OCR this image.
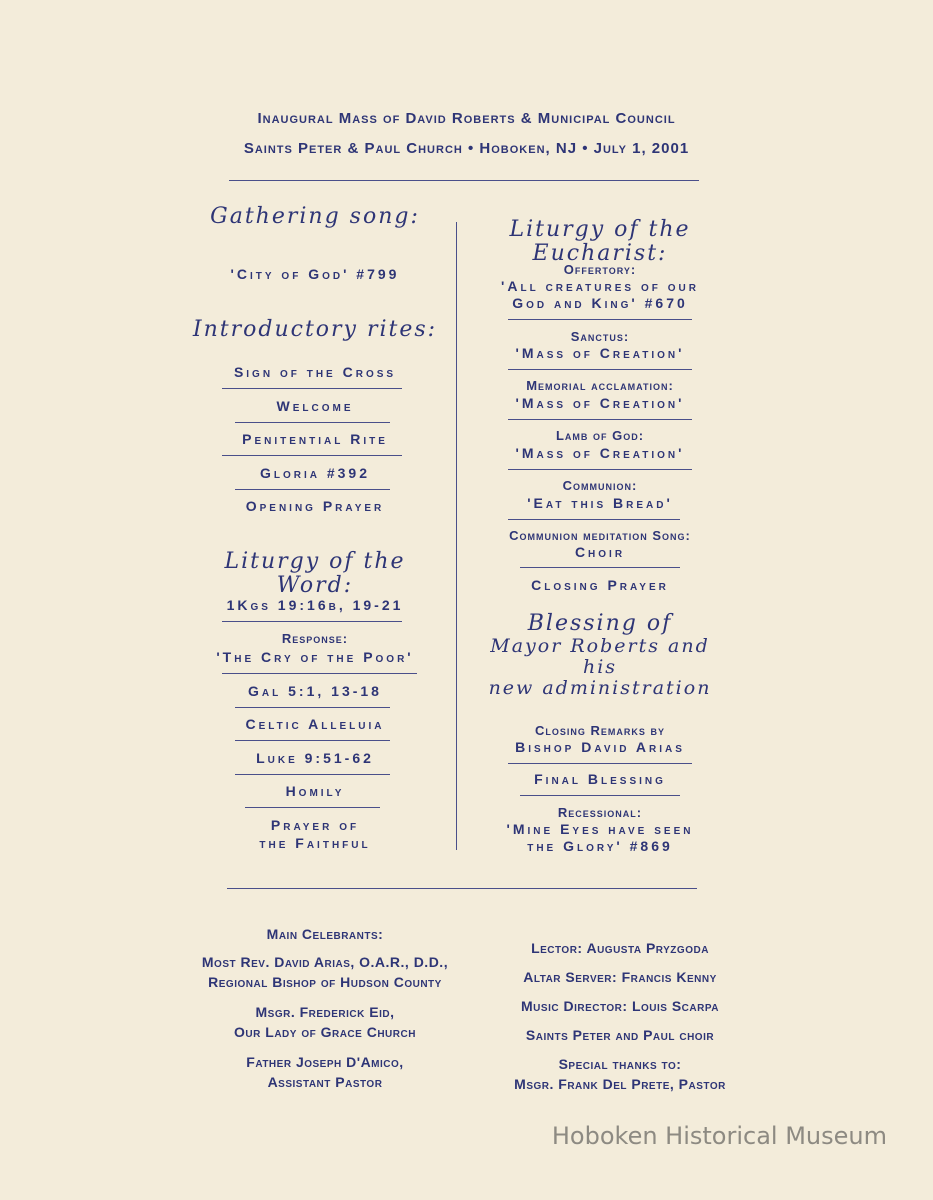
Inaugural Mass of David Roberts & Municipal Council
Saints Peter & Paul Church • Hoboken, NJ • July 1, 2001
Gathering song:
'City of God' #799
Introductory rites:
Sign of the Cross
Welcome
Penitential Rite
Gloria #392
Opening Prayer
Liturgy of the Word:
1Kgs 19:16b, 19-21
Response:
'The Cry of the Poor'
Gal 5:1, 13-18
Celtic Alleluia
Luke 9:51-62
Homily
Prayer of
the Faithful
Liturgy of the Eucharist:
Offertory:
'All creatures of our
God and King' #670
Sanctus:
'Mass of Creation'
Memorial acclamation:
'Mass of Creation'
Lamb of God:
'Mass of Creation'
Communion:
'Eat this Bread'
Communion meditation Song:
Choir
Closing Prayer
Blessing of
Mayor Roberts and his
new administration
Closing Remarks by
Bishop David Arias
Final Blessing
Recessional:
'Mine Eyes have seen
the Glory' #869
Main Celebrants:
Most Rev. David Arias, O.A.R., D.D.,
Regional Bishop of Hudson County
Msgr. Frederick Eid,
Our Lady of Grace Church
Father Joseph D'Amico,
Assistant Pastor
Lector: Augusta Pryzgoda
Altar Server: Francis Kenny
Music Director: Louis Scarpa
Saints Peter and Paul choir
Special thanks to:
Msgr. Frank Del Prete, Pastor
Hoboken Historical Museum
